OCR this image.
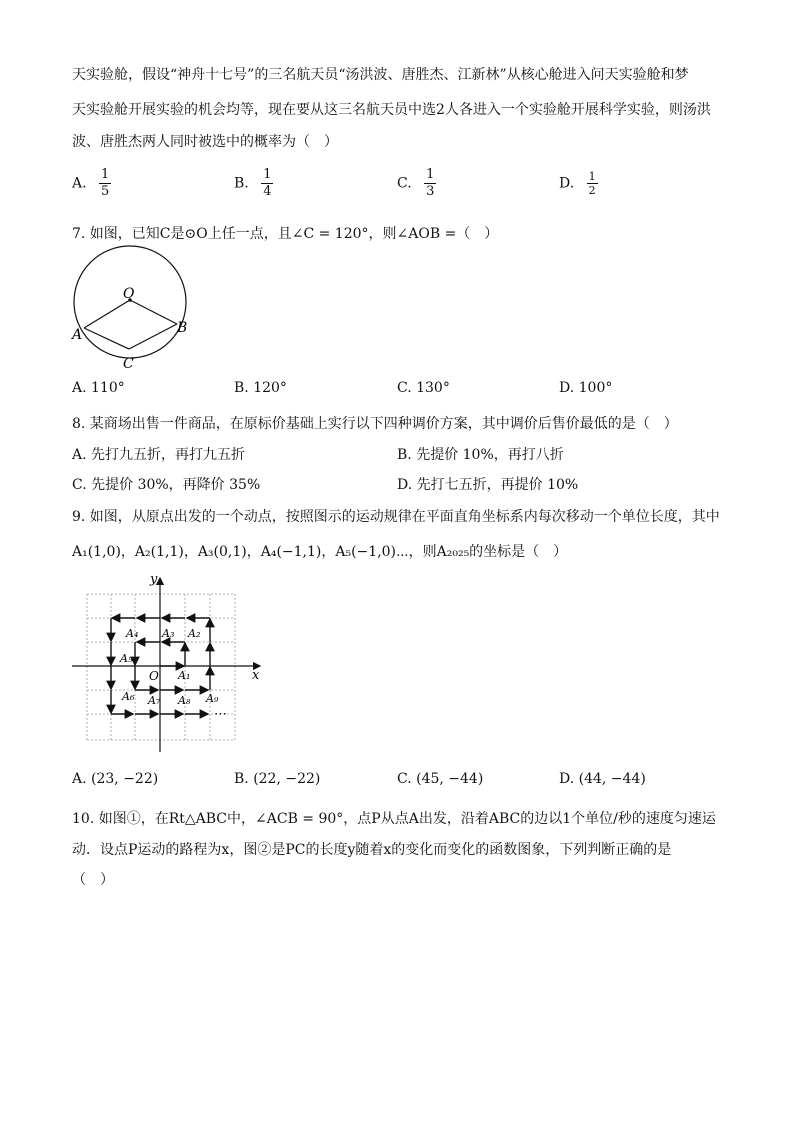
天实验舱，假设“神舟十七号”的三名航天员“汤洪波、唐胜杰、江新林”从核心舱进入问天实验舱和梦
天实验舱开展实验的机会均等，现在要从这三名航天员中选2人各进入一个实验舱开展科学实验，则汤洪
波、唐胜杰两人同时被选中的概率为（　）
A. $\frac{1}{5}$	B. $\frac{1}{4}$	C. $\frac{1}{3}$	D. $\frac{1}{2}$
7. 如图，已知C是⊙O上任一点，且∠C = 120°，则∠AOB =（　）
O
A	B
C
A. 110°	B. 120°	C. 130°	D. 100°
8. 某商场出售一件商品，在原标价基础上实行以下四种调价方案，其中调价后售价最低的是（　）
A. 先打九五折，再打九五折	B. 先提价 10%，再打八折
C. 先提价 30%，再降价 35%	D. 先打七五折，再提价 10%
9. 如图，从原点出发的一个动点，按照图示的运动规律在平面直角坐标系内每次移动一个单位长度，其中
A₁(1,0)，A₂(1,1)，A₃(0,1)，A₄(−1,1)，A₅(−1,0)⋯，则A₂₀₂₅的坐标是（　）
x
y
O A₁
A₂
A₃
A₄
A₅
A₆ A₇ A₈ A₉
⋯
A. (23, −22)	B. (22, −22)	C. (45, −44)	D. (44, −44)
10. 如图①，在Rt△ABC中，∠ACB = 90°，点P从点A出发，沿着ABC的边以1个单位/秒的速度匀速运
动．设点P运动的路程为x，图②是PC的长度y随着x的变化而变化的函数图象，下列判断正确的是
（　）
